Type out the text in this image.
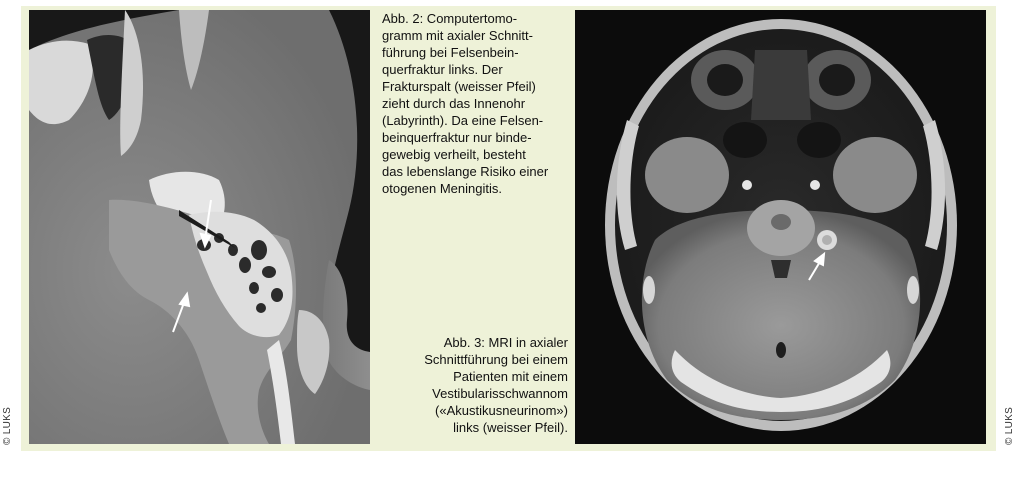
Abb. 2: Computertomo-
gramm mit axialer Schnitt-
führung bei Felsenbein-
querfraktur links. Der
Frakturspalt (weisser Pfeil)
zieht durch das Innenohr
(Labyrinth). Da eine Felsen-
beinquerfraktur nur binde-
gewebig verheilt, besteht
das lebenslange Risiko einer
otogenen Meningitis.
Abb. 3: MRI in axialer
Schnittführung bei einem
Patienten mit einem
Vestibularisschwannom
(«Akustikusneurinom»)
links (weisser Pfeil).
© LUKS	© LUKS
